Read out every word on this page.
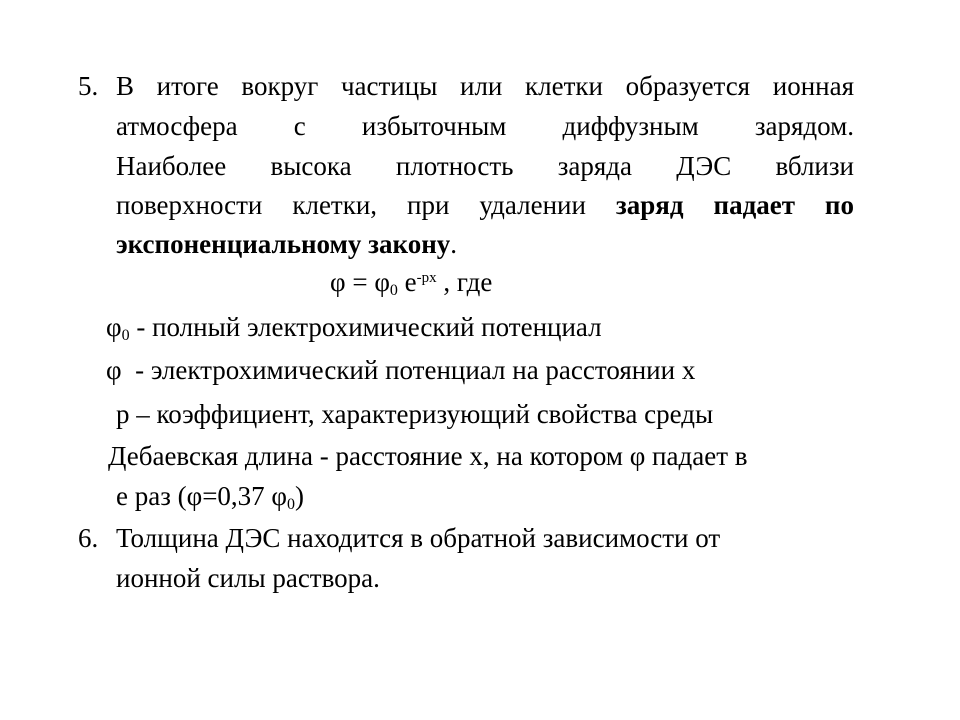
5. В итоге вокруг частицы или клетки образуется ионная
атмосфера с избыточным диффузным зарядом.
Наиболее высока плотность заряда ДЭС вблизи
поверхности клетки, при удалении заряд падает по
экспоненциальному закону.
$\varphi = \varphi_0$ $e^{-px}$ , где
$\varphi_0$ - полный электрохимический потенциал
φ  - электрохимический потенциал на расстоянии х
р – коэффициент, характеризующий свойства среды
Дебаевская длина - расстояние х, на котором φ падает в
е раз (φ=0,37 $\varphi_0$)
6. Толщина ДЭС находится в обратной зависимости от
ионной силы раствора.
